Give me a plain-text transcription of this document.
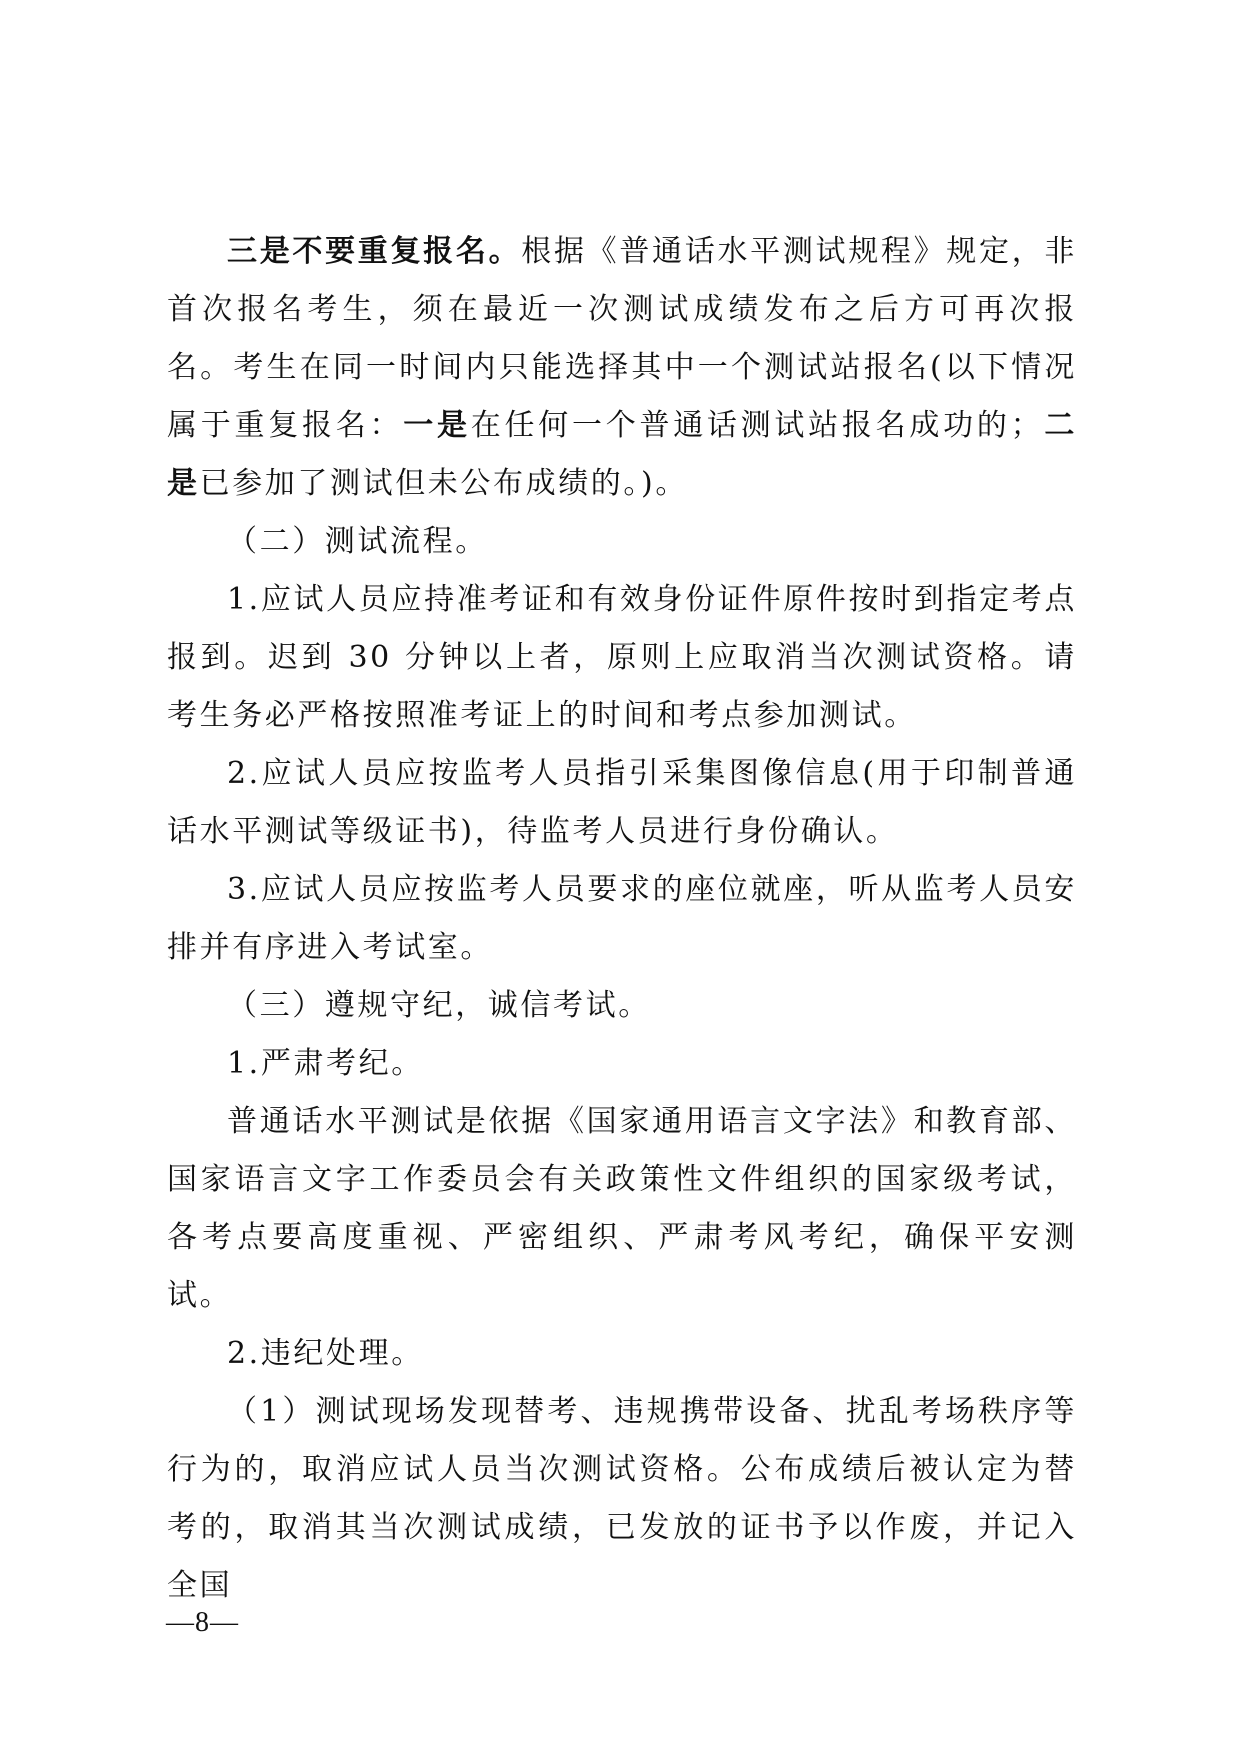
三是不要重复报名。根据《普通话水平测试规程》规定，非首次报名考生，须在最近一次测试成绩发布之后方可再次报名。考生在同一时间内只能选择其中一个测试站报名(以下情况属于重复报名：一是在任何一个普通话测试站报名成功的；二是已参加了测试但未公布成绩的。)。

（二）测试流程。

1.应试人员应持准考证和有效身份证件原件按时到指定考点报到。迟到 30 分钟以上者，原则上应取消当次测试资格。请考生务必严格按照准考证上的时间和考点参加测试。

2.应试人员应按监考人员指引采集图像信息(用于印制普通话水平测试等级证书)，待监考人员进行身份确认。

3.应试人员应按监考人员要求的座位就座，听从监考人员安排并有序进入考试室。

（三）遵规守纪，诚信考试。

1.严肃考纪。

普通话水平测试是依据《国家通用语言文字法》和教育部、国家语言文字工作委员会有关政策性文件组织的国家级考试，各考点要高度重视、严密组织、严肃考风考纪，确保平安测试。

2.违纪处理。

（1）测试现场发现替考、违规携带设备、扰乱考场秩序等行为的，取消应试人员当次测试资格。公布成绩后被认定为替考的，取消其当次测试成绩，已发放的证书予以作废，并记入全国

—8—
